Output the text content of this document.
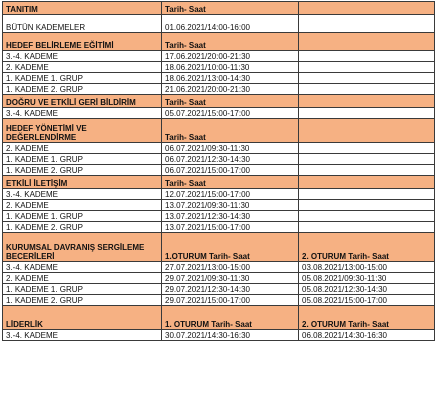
TANITIM	Tarih- Saat	
BÜTÜN KADEMELER	01.06.2021/14:00-16:00	
HEDEF BELİRLEME EĞİTİMİ	Tarih- Saat	
3.-4. KADEME	17.06.2021/20:00-21:30	
2. KADEME	18.06.2021/10:00-11:30	
1. KADEME 1. GRUP	18.06.2021/13:00-14:30	
1. KADEME 2. GRUP	21.06.2021/20:00-21:30	
DOĞRU VE ETKİLİ GERİ BİLDİRİM	Tarih- Saat	
3.-4. KADEME	05.07.2021/15:00-17:00	
HEDEF YÖNETİMİ VE DEĞERLENDİRME	Tarih- Saat	
2. KADEME	06.07.2021/09:30-11:30	
1. KADEME 1. GRUP	06.07.2021/12:30-14:30	
1. KADEME 2. GRUP	06.07.2021/15:00-17:00	
ETKİLİ İLETİŞİM	Tarih- Saat	
3.-4. KADEME	12.07.2021/15:00-17:00	
2. KADEME	13.07.2021/09:30-11:30	
1. KADEME 1. GRUP	13.07.2021/12:30-14:30	
1. KADEME 2. GRUP	13.07.2021/15:00-17:00	
KURUMSAL DAVRANIŞ SERGİLEME BECERİLERİ	1.OTURUM Tarih- Saat	2. OTURUM Tarih- Saat
3.-4. KADEME	27.07.2021/13:00-15:00	03.08.2021/13:00-15:00
2. KADEME	29.07.2021/09:30-11:30	05.08.2021/09:30-11:30
1. KADEME 1. GRUP	29.07.2021/12:30-14:30	05.08.2021/12:30-14:30
1. KADEME 2. GRUP	29.07.2021/15:00-17:00	05.08.2021/15:00-17:00
LİDERLİK	1. OTURUM Tarih- Saat	2. OTURUM Tarih- Saat
3.-4. KADEME	30.07.2021/14:30-16:30	06.08.2021/14:30-16:30
